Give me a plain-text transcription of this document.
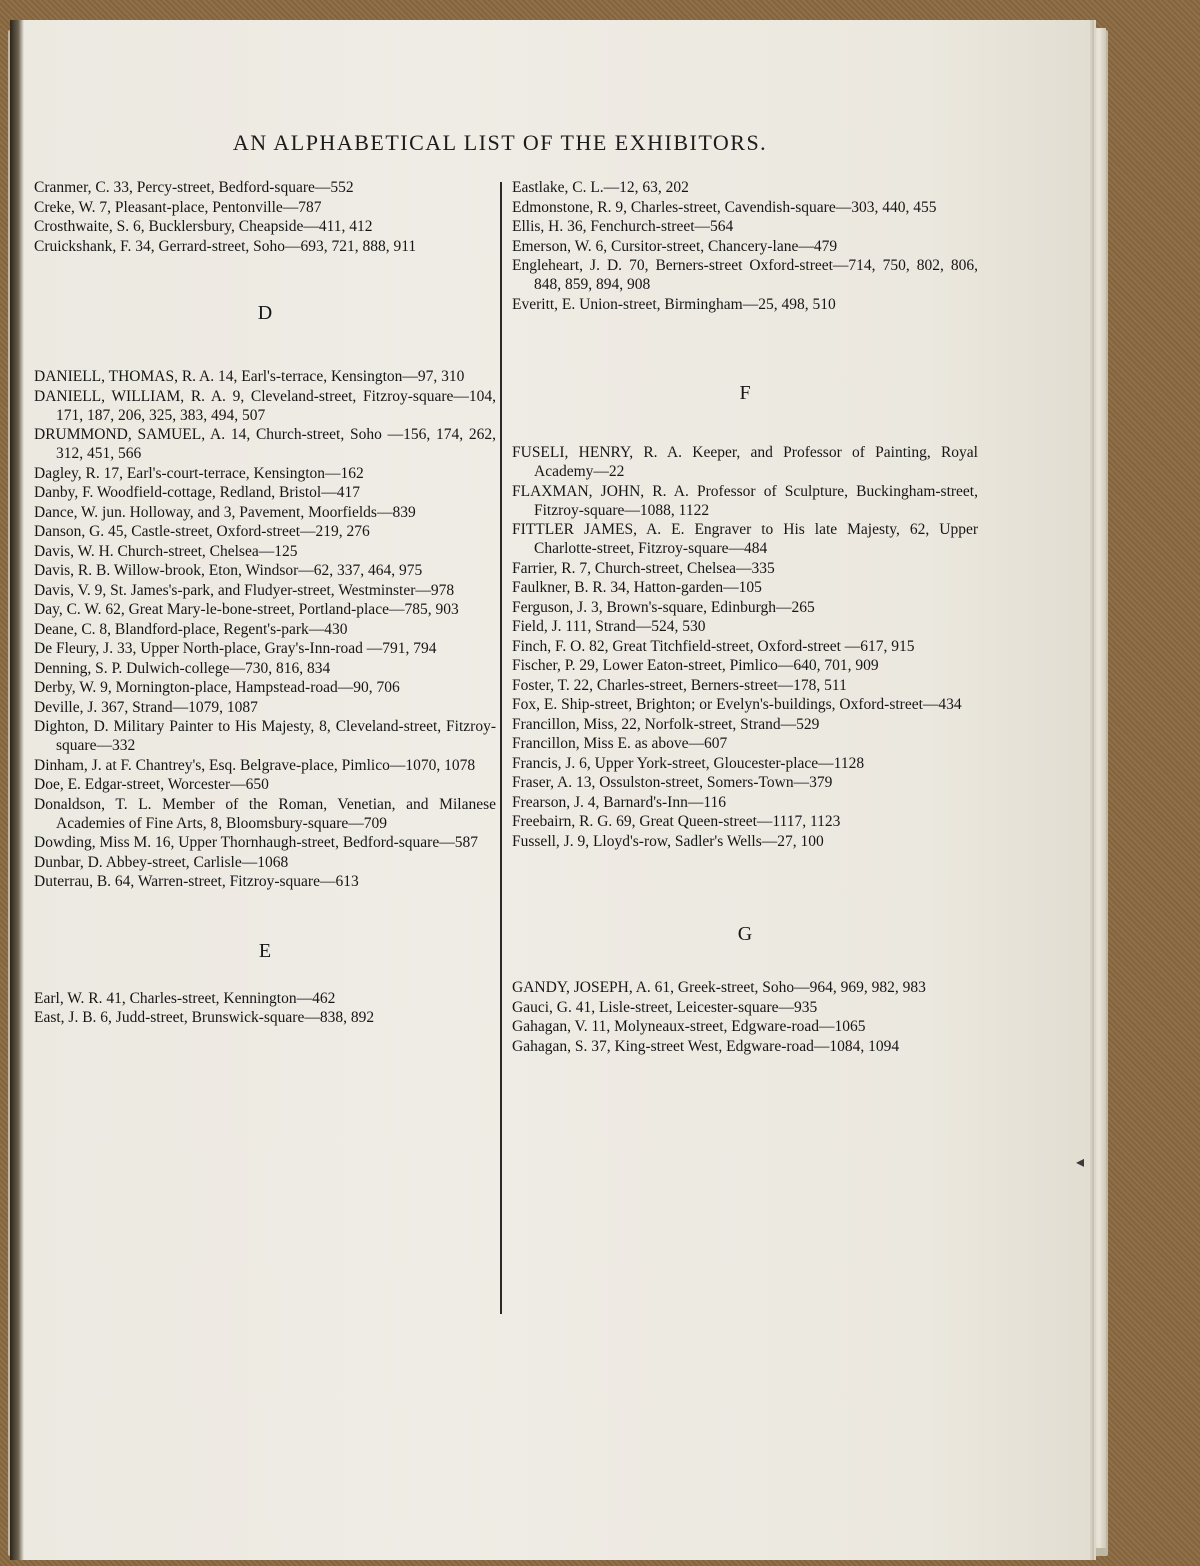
AN ALPHABETICAL LIST OF THE EXHIBITORS.

Cranmer, C. 33, Percy-street, Bedford-square—552

Creke, W. 7, Pleasant-place, Pentonville—787

Crosthwaite, S. 6, Bucklersbury, Cheapside—411, 412

Cruickshank, F. 34, Gerrard-street, Soho—693, 721, 888, 911

D

DANIELL, THOMAS, R. A. 14, Earl's-terrace, Kensington—97, 310

DANIELL, WILLIAM, R. A. 9, Cleveland-street, Fitzroy-square—104, 171, 187, 206, 325, 383, 494, 507

DRUMMOND, SAMUEL, A. 14, Church-street, Soho —156, 174, 262, 312, 451, 566

Dagley, R. 17, Earl's-court-terrace, Kensington—162

Danby, F. Woodfield-cottage, Redland, Bristol—417

Dance, W. jun. Holloway, and 3, Pavement, Moorfields—839

Danson, G. 45, Castle-street, Oxford-street—219, 276

Davis, W. H. Church-street, Chelsea—125

Davis, R. B. Willow-brook, Eton, Windsor—62, 337, 464, 975

Davis, V. 9, St. James's-park, and Fludyer-street, Westminster—978

Day, C. W. 62, Great Mary-le-bone-street, Portland-place—785, 903

Deane, C. 8, Blandford-place, Regent's-park—430

De Fleury, J. 33, Upper North-place, Gray's-Inn-road —791, 794

Denning, S. P. Dulwich-college—730, 816, 834

Derby, W. 9, Mornington-place, Hampstead-road—90, 706

Deville, J. 367, Strand—1079, 1087

Dighton, D. Military Painter to His Majesty, 8, Cleveland-street, Fitzroy-square—332

Dinham, J. at F. Chantrey's, Esq. Belgrave-place, Pimlico—1070, 1078

Doe, E. Edgar-street, Worcester—650

Donaldson, T. L. Member of the Roman, Venetian, and Milanese Academies of Fine Arts, 8, Bloomsbury-square—709

Dowding, Miss M. 16, Upper Thornhaugh-street, Bedford-square—587

Dunbar, D. Abbey-street, Carlisle—1068

Duterrau, B. 64, Warren-street, Fitzroy-square—613

E

Earl, W. R. 41, Charles-street, Kennington—462

East, J. B. 6, Judd-street, Brunswick-square—838, 892

Eastlake, C. L.—12, 63, 202

Edmonstone, R. 9, Charles-street, Cavendish-square—303, 440, 455

Ellis, H. 36, Fenchurch-street—564

Emerson, W. 6, Cursitor-street, Chancery-lane—479

Engleheart, J. D. 70, Berners-street Oxford-street—714, 750, 802, 806, 848, 859, 894, 908

Everitt, E. Union-street, Birmingham—25, 498, 510

F

FUSELI, HENRY, R. A. Keeper, and Professor of Painting, Royal Academy—22

FLAXMAN, JOHN, R. A. Professor of Sculpture, Buckingham-street, Fitzroy-square—1088, 1122

FITTLER JAMES, A. E. Engraver to His late Majesty, 62, Upper Charlotte-street, Fitzroy-square—484

Farrier, R. 7, Church-street, Chelsea—335

Faulkner, B. R. 34, Hatton-garden—105

Ferguson, J. 3, Brown's-square, Edinburgh—265

Field, J. 111, Strand—524, 530

Finch, F. O. 82, Great Titchfield-street, Oxford-street —617, 915

Fischer, P. 29, Lower Eaton-street, Pimlico—640, 701, 909

Foster, T. 22, Charles-street, Berners-street—178, 511

Fox, E. Ship-street, Brighton; or Evelyn's-buildings, Oxford-street—434

Francillon, Miss, 22, Norfolk-street, Strand—529

Francillon, Miss E. as above—607

Francis, J. 6, Upper York-street, Gloucester-place—1128

Fraser, A. 13, Ossulston-street, Somers-Town—379

Frearson, J. 4, Barnard's-Inn—116

Freebairn, R. G. 69, Great Queen-street—1117, 1123

Fussell, J. 9, Lloyd's-row, Sadler's Wells—27, 100

G

GANDY, JOSEPH, A. 61, Greek-street, Soho—964, 969, 982, 983

Gauci, G. 41, Lisle-street, Leicester-square—935

Gahagan, V. 11, Molyneaux-street, Edgware-road—1065

Gahagan, S. 37, King-street West, Edgware-road—1084, 1094

◂
